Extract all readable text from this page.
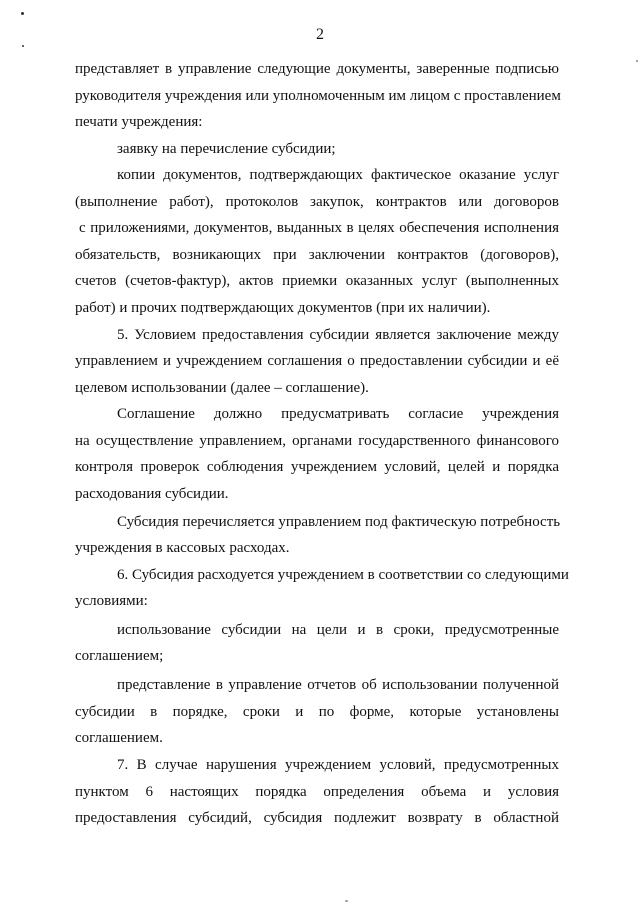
2
представляет в управление следующие документы, заверенные подписью
руководителя учреждения или уполномоченным им лицом с проставлением
печати учреждения:
заявку на перечисление субсидии;
копии документов, подтверждающих фактическое оказание услуг
(выполнение работ), протоколов закупок, контрактов или договоров
с приложениями, документов, выданных в целях обеспечения исполнения
обязательств, возникающих при заключении контрактов (договоров),
счетов (счетов-фактур), актов приемки оказанных услуг (выполненных
работ) и прочих подтверждающих документов (при их наличии).
5. Условием предоставления субсидии является заключение между
управлением и учреждением соглашения о предоставлении субсидии и её
целевом использовании (далее – соглашение).
Соглашение должно предусматривать согласие учреждения
на осуществление управлением, органами государственного финансового
контроля проверок соблюдения учреждением условий, целей и порядка
расходования субсидии.
Субсидия перечисляется управлением под фактическую потребность
учреждения в кассовых расходах.
6. Субсидия расходуется учреждением в соответствии со следующими
условиями:
использование субсидии на цели и в сроки, предусмотренные
соглашением;
представление в управление отчетов об использовании полученной
субсидии в порядке, сроки и по форме, которые установлены
соглашением.
7. В случае нарушения учреждением условий, предусмотренных
пунктом 6 настоящих порядка определения объема и условия
предоставления субсидий, субсидия подлежит возврату в областной
